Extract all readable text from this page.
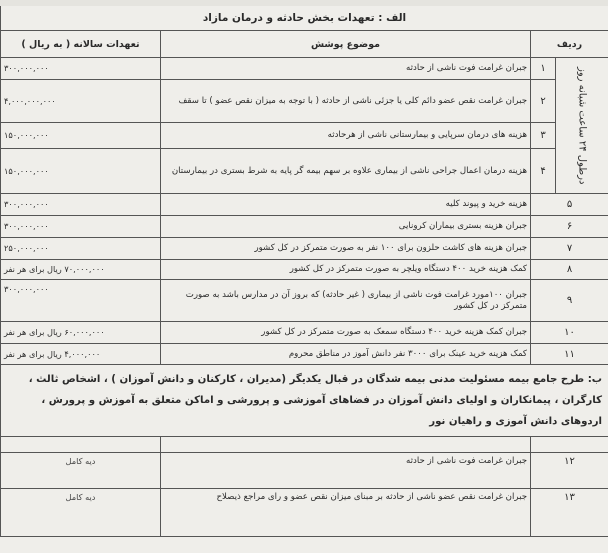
الف : تعهدات بخش حادثه و درمان مازاد			
ردیف		موضوع پوشش	تعهدات سالانه ( به ریال )
درطول ۲۴ ساعت شبانه روز	۱	جبران غرامت فوت ناشی از حادثه	۳۰۰,۰۰۰,۰۰۰
	۲	جبران غرامت نقص عضو دائم کلی یا جزئی ناشی از حادثه ( با توجه به میزان نقص عضو ) تا سقف	۴,۰۰۰,۰۰۰,۰۰۰
	۳	هزینه های درمان سرپایی و بیمارستانی ناشی از هرحادثه	۱۵۰,۰۰۰,۰۰۰
	۴	هزینه درمان اعمال جراحی ناشی از بیماری علاوه بر سهم بیمه گر پایه به شرط بستری در بیمارستان	۱۵۰,۰۰۰,۰۰۰
۵		هزینه خرید و پیوند کلیه	۳۰۰,۰۰۰,۰۰۰
۶		جبران هزینه بستری بیماران کرونایی	۳۰۰,۰۰۰,۰۰۰
۷		جبران هزینه های کاشت حلزون برای ۱۰۰ نفر به صورت متمرکز در کل کشور	۲۵۰,۰۰۰,۰۰۰
۸		کمک هزینه خرید ۴۰۰ دستگاه ویلچر به صورت متمرکز در کل کشور	۷۰,۰۰۰,۰۰۰ ریال برای هر نفر
۹		جبران ۱۰۰مورد غرامت فوت ناشی از بیماری ( غیر حادثه) که بروز آن در مدارس باشد به صورت متمرکز در کل کشور	۳۰۰,۰۰۰,۰۰۰
۱۰		جبران کمک هزینه خرید ۴۰۰ دستگاه سمعک به صورت متمرکز در کل کشور	۶۰,۰۰۰,۰۰۰ ریال برای هر نفر
۱۱		کمک هزینه خرید عینک برای ۳۰۰۰ نفر دانش آموز در مناطق محروم	۴,۰۰۰,۰۰۰ ریال برای هر نفر
ب: طرح جامع بیمه مسئولیت مدنی بیمه شدگان در قبال یکدیگر (مدیران ، کارکنان و دانش آموزان ) ، اشخاص ثالث ، کارگران ، پیمانکاران و اولیای دانش آموزان در فضاهای آموزشی و پرورشی و اماکن متعلق به آموزش و پرورش ، اردوهای دانش آموزی و راهیان نور			

۱۲		جبران غرامت فوت ناشی از حادثه	دیه کامل
۱۳		جبران غرامت نقص عضو ناشی از حادثه بر مبنای میزان نقص عضو و رای مراجع ذیصلاح	دیه کامل
